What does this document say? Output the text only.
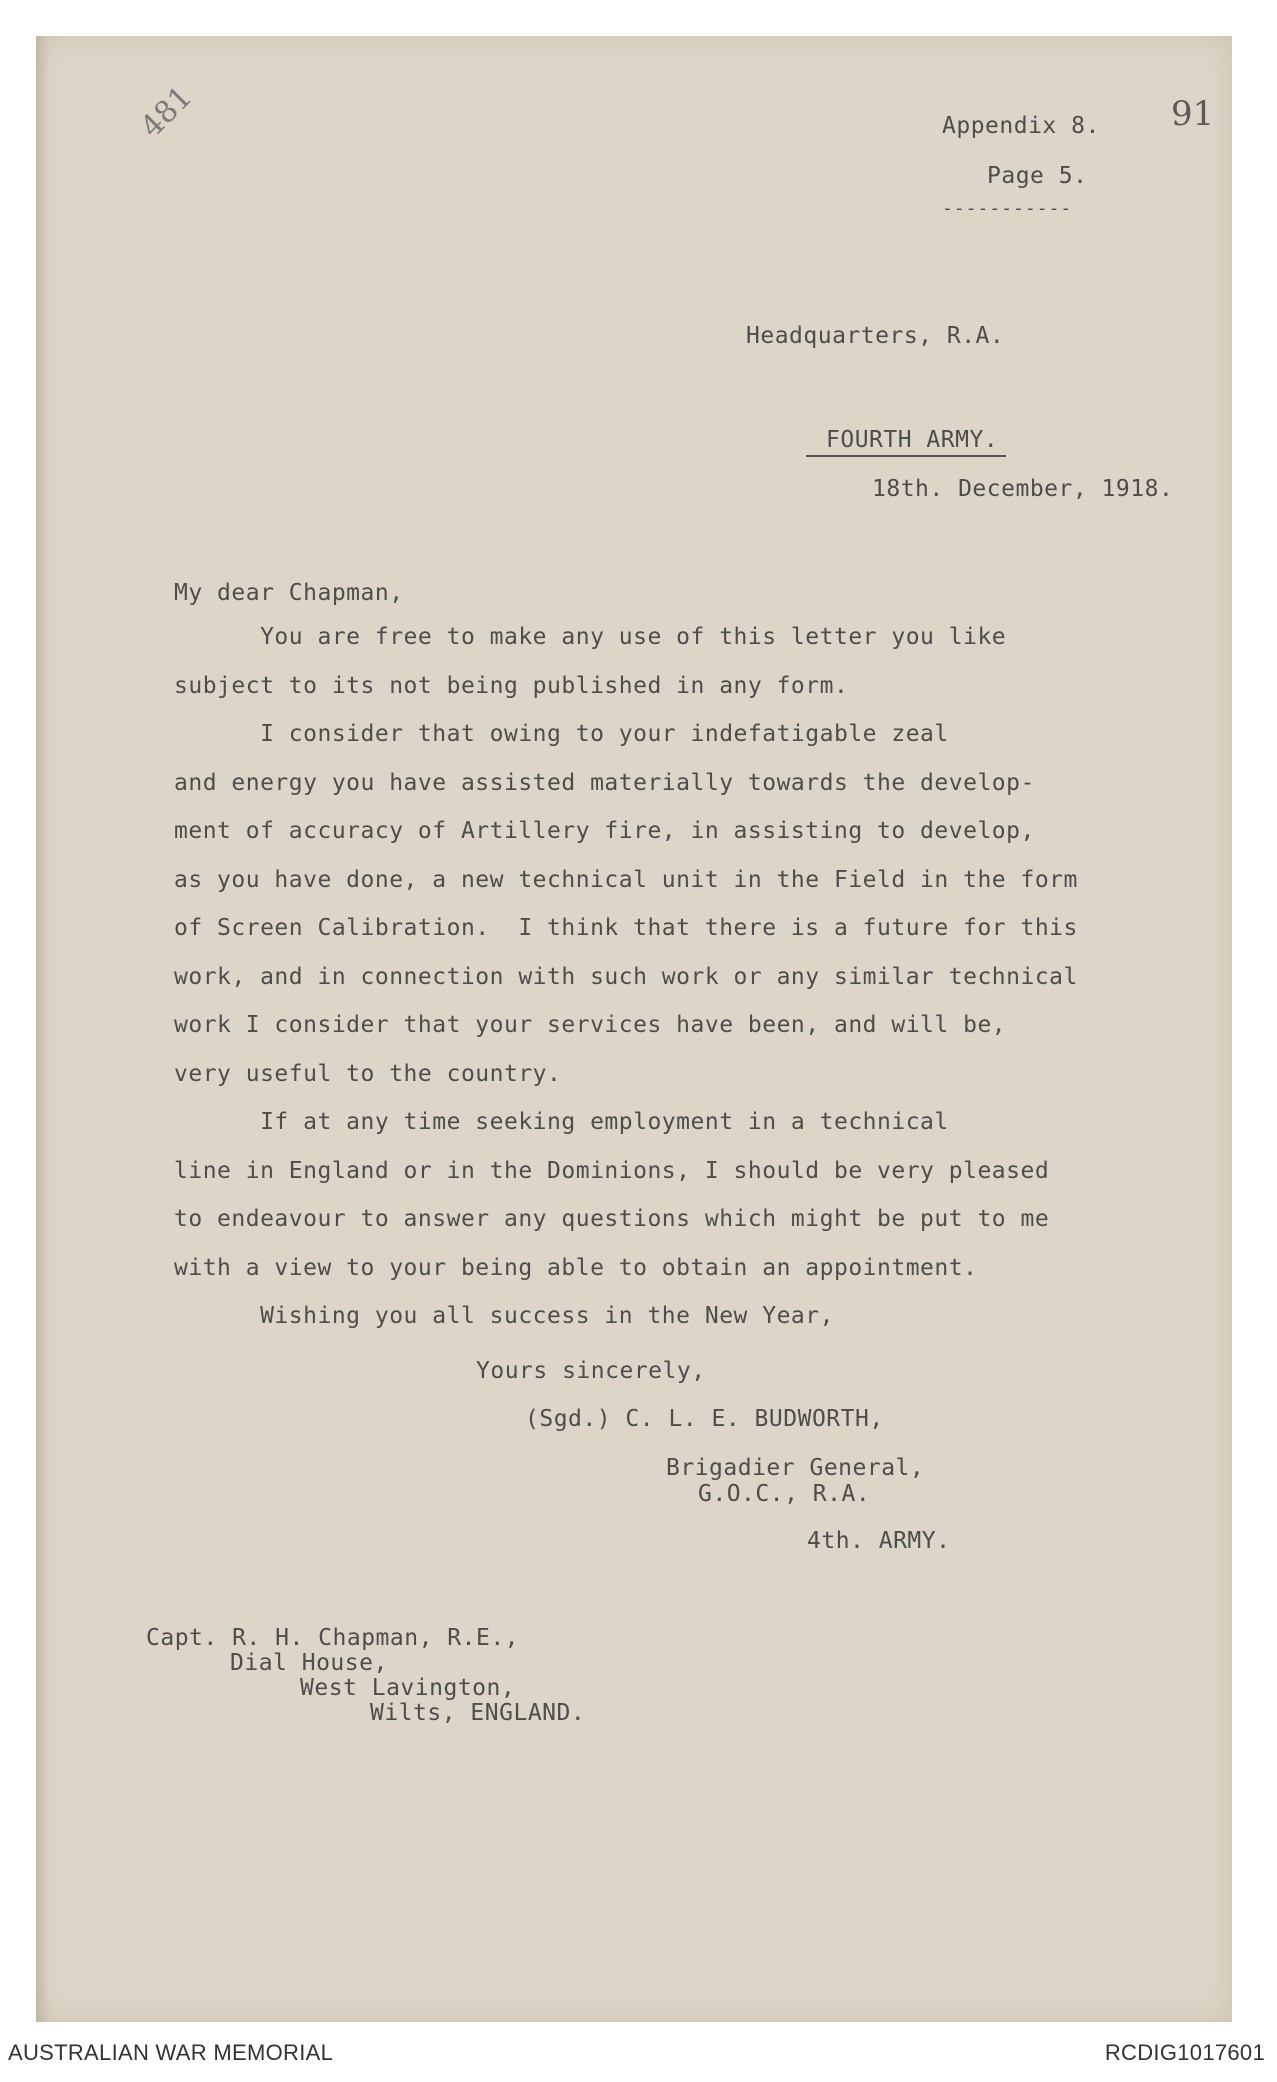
481	91
Appendix 8.
Page 5.
-----------
Headquarters, R.A.
FOURTH ARMY.
18th. December, 1918.
My dear Chapman,
You are free to make any use of this letter you like
subject to its not being published in any form.
I consider that owing to your indefatigable zeal
and energy you have assisted materially towards the develop-
ment of accuracy of Artillery fire, in assisting to develop,
as you have done, a new technical unit in the Field in the form
of Screen Calibration.  I think that there is a future for this
work, and in connection with such work or any similar technical
work I consider that your services have been, and will be,
very useful to the country.
If at any time seeking employment in a technical
line in England or in the Dominions, I should be very pleased
to endeavour to answer any questions which might be put to me
with a view to your being able to obtain an appointment.
Wishing you all success in the New Year,
Yours sincerely,
(Sgd.) C. L. E. BUDWORTH,
Brigadier General,
G.O.C., R.A.
4th. ARMY.
Capt. R. H. Chapman, R.E.,
Dial House,
West Lavington,
Wilts, ENGLAND.
AUSTRALIAN WAR MEMORIAL	RCDIG1017601
